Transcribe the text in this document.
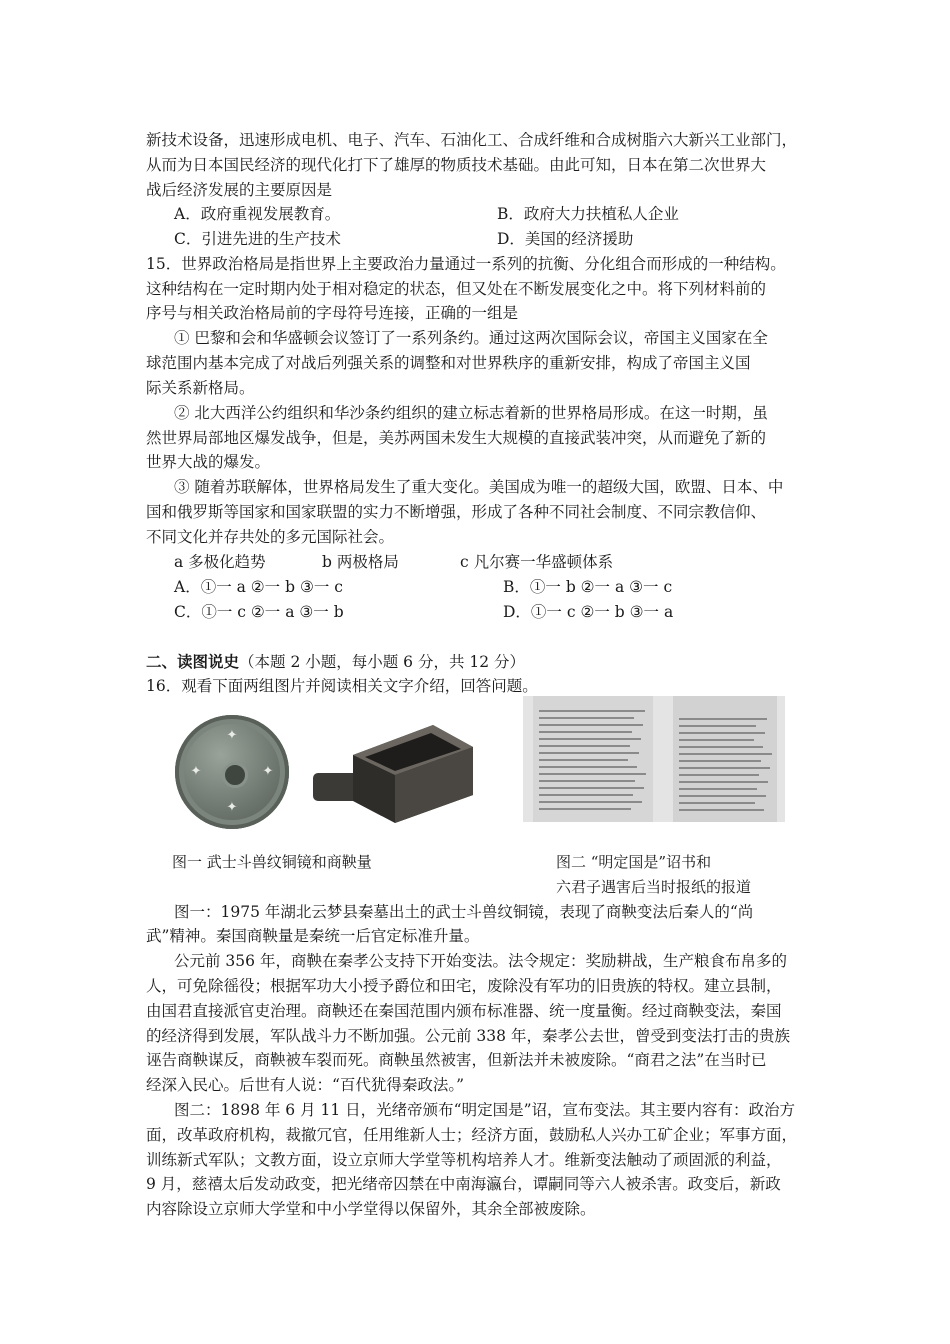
新技术设备，迅速形成电机、电子、汽车、石油化工、合成纤维和合成树脂六大新兴工业部门，
从而为日本国民经济的现代化打下了雄厚的物质技术基础。由此可知，日本在第二次世界大
战后经济发展的主要原因是
A．政府重视发展教育。	B．政府大力扶植私人企业
C．引进先进的生产技术	D．美国的经济援助
15．世界政治格局是指世界上主要政治力量通过一系列的抗衡、分化组合而形成的一种结构。
这种结构在一定时期内处于相对稳定的状态，但又处在不断发展变化之中。将下列材料前的
序号与相关政治格局前的字母符号连接，正确的一组是
① 巴黎和会和华盛顿会议签订了一系列条约。通过这两次国际会议，帝国主义国家在全
球范围内基本完成了对战后列强关系的调整和对世界秩序的重新安排，构成了帝国主义国
际关系新格局。
② 北大西洋公约组织和华沙条约组织的建立标志着新的世界格局形成。在这一时期，虽
然世界局部地区爆发战争，但是，美苏两国未发生大规模的直接武装冲突，从而避免了新的
世界大战的爆发。
③ 随着苏联解体，世界格局发生了重大变化。美国成为唯一的超级大国，欧盟、日本、中
国和俄罗斯等国家和国家联盟的实力不断增强，形成了各种不同社会制度、不同宗教信仰、
不同文化并存共处的多元国际社会。
a 多极化趋势	b 两极格局	c 凡尔赛一华盛顿体系
A．①一 a ②一 b ③一 c	B．①一 b ②一 a ③一 c
C．①一 c ②一 a ③一 b	D．①一 c ②一 b ③一 a
二、读图说史（本题 2 小题，每小题 6 分，共 12 分）
16．观看下面两组图片并阅读相关文字介绍，回答问题。
✦
✦
✦	✦
图一 武士斗兽纹铜镜和商鞅量	图二 “明定国是”诏书和
六君子遇害后当时报纸的报道
图一：1975 年湖北云梦县秦墓出土的武士斗兽纹铜镜，表现了商鞅变法后秦人的“尚
武”精神。秦国商鞅量是秦统一后官定标准升量。
公元前 356 年，商鞅在秦孝公支持下开始变法。法令规定：奖励耕战，生产粮食布帛多的
人，可免除徭役；根据军功大小授予爵位和田宅，废除没有军功的旧贵族的特权。建立县制，
由国君直接派官吏治理。商鞅还在秦国范围内颁布标准器、统一度量衡。经过商鞅变法，秦国
的经济得到发展，军队战斗力不断加强。公元前 338 年，秦孝公去世，曾受到变法打击的贵族
诬告商鞅谋反，商鞅被车裂而死。商鞅虽然被害，但新法并未被废除。“商君之法”在当时已
经深入民心。后世有人说：“百代犹得秦政法。”
图二：1898 年 6 月 11 日，光绪帝颁布“明定国是”诏，宣布变法。其主要内容有：政治方
面，改革政府机构，裁撤冗官，任用维新人士；经济方面，鼓励私人兴办工矿企业；军事方面，
训练新式军队；文教方面，设立京师大学堂等机构培养人才。维新变法触动了顽固派的利益，
9 月，慈禧太后发动政变，把光绪帝囚禁在中南海瀛台，谭嗣同等六人被杀害。政变后，新政
内容除设立京师大学堂和中小学堂得以保留外，其余全部被废除。
